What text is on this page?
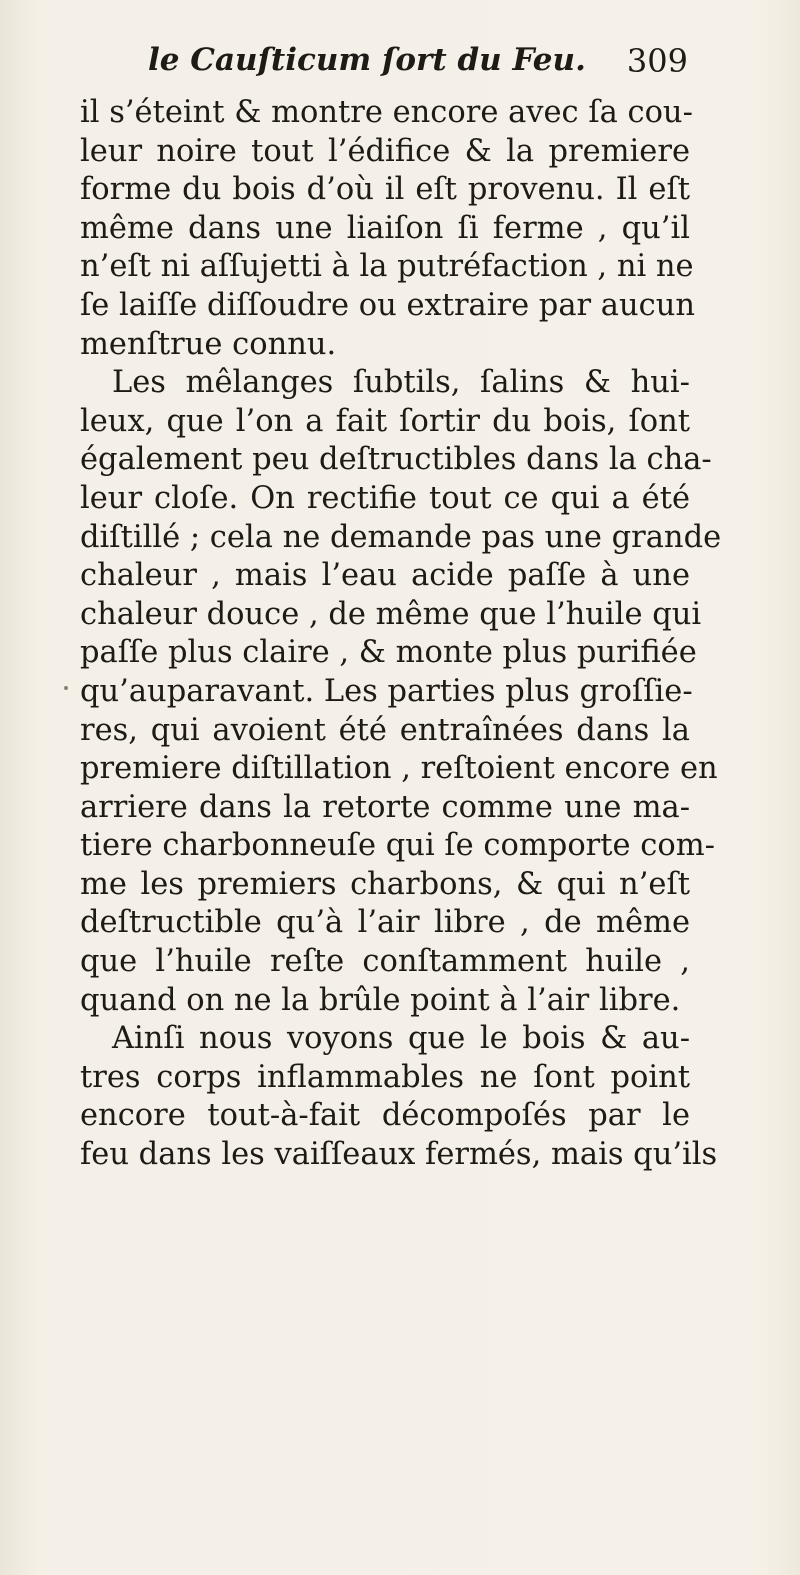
le Cauſticum ſort du Feu. 309
il s’éteint & montre encore avec ſa cou-
leur noire tout l’édifice & la premiere
forme du bois d’où il eſt provenu. Il eſt
même dans une liaiſon ſi ferme , qu’il
n’eſt ni aſſujetti à la putréfaction , ni ne
ſe laiſſe diſſoudre ou extraire par aucun
menſtrue connu.
Les mêlanges ſubtils, ſalins & hui-
leux, que l’on a fait ſortir du bois, ſont
également peu deſtructibles dans la cha-
leur cloſe. On rectifie tout ce qui a été
diſtillé ; cela ne demande pas une grande
chaleur , mais l’eau acide paſſe à une
chaleur douce , de même que l’huile qui
paſſe plus claire , & monte plus purifiée
qu’auparavant. Les parties plus groſſie-
res, qui avoient été entraînées dans la
premiere diſtillation , reſtoient encore en
arriere dans la retorte comme une ma-
tiere charbonneuſe qui ſe comporte com-
me les premiers charbons, & qui n’eſt
deſtructible qu’à l’air libre , de même
que l’huile reſte conſtamment huile ,
quand on ne la brûle point à l’air libre.
Ainſi nous voyons que le bois & au-
tres corps inflammables ne ſont point
encore tout-à-fait décompoſés par le
feu dans les vaiſſeaux fermés, mais qu’ils
